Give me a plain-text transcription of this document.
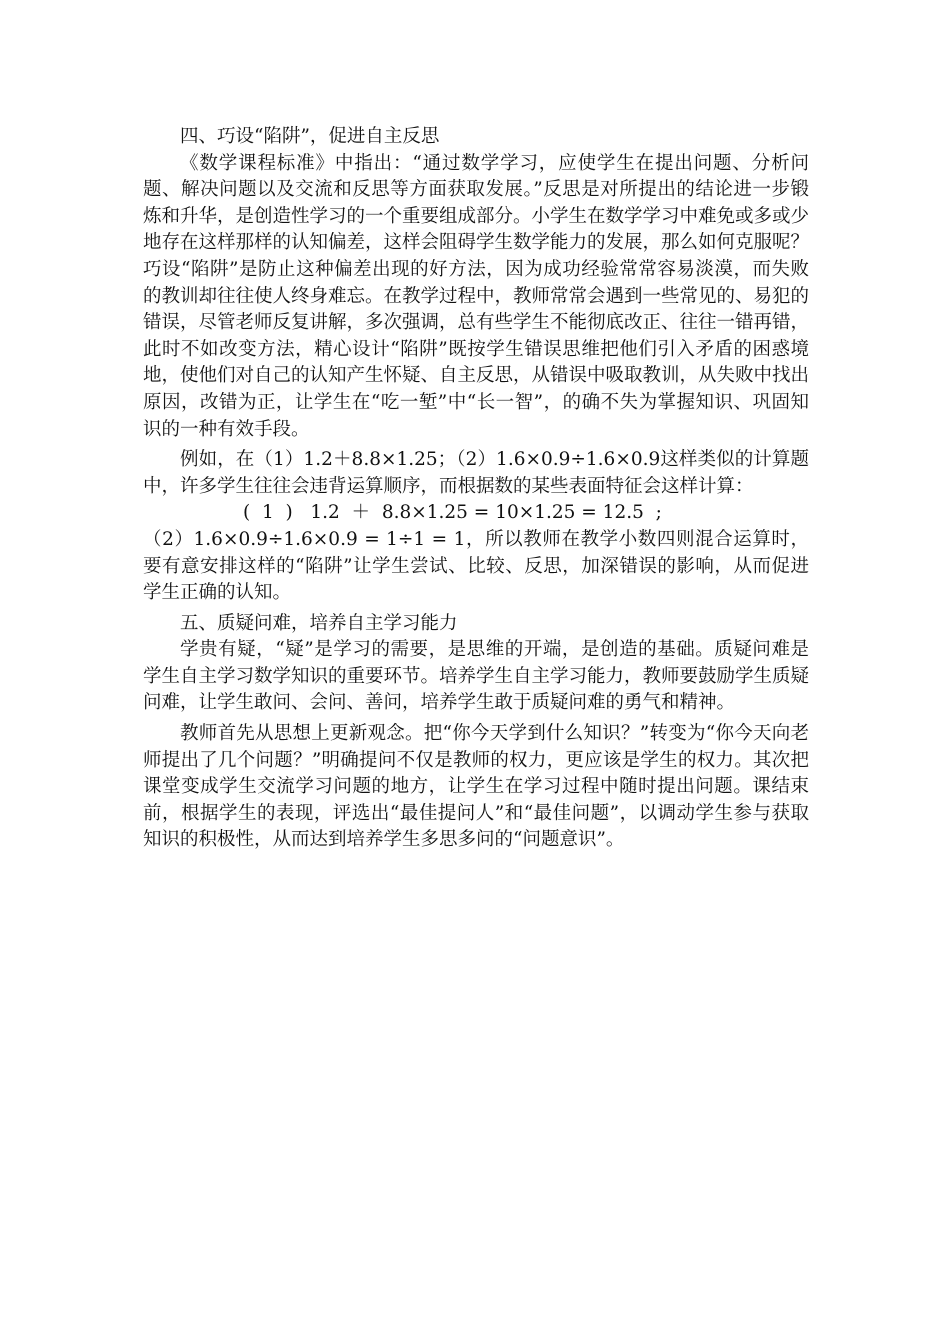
四、巧设“陷阱”，促进自主反思

《数学课程标准》中指出：“通过数学学习，应使学生在提出问题、分析问题、解决问题以及交流和反思等方面获取发展。”反思是对所提出的结论进一步锻炼和升华，是创造性学习的一个重要组成部分。小学生在数学学习中难免或多或少地存在这样那样的认知偏差，这样会阻碍学生数学能力的发展，那么如何克服呢？巧设“陷阱”是防止这种偏差出现的好方法，因为成功经验常常容易淡漠，而失败的教训却往往使人终身难忘。在教学过程中，教师常常会遇到一些常见的、易犯的错误，尽管老师反复讲解，多次强调，总有些学生不能彻底改正、往往一错再错，此时不如改变方法，精心设计“陷阱”既按学生错误思维把他们引入矛盾的困惑境地，使他们对自己的认知产生怀疑、自主反思，从错误中吸取教训，从失败中找出原因，改错为正，让学生在“吃一堑”中“长一智”，的确不失为掌握知识、巩固知识的一种有效手段。

例如，在（1）1.2＋8.8×1.25；（2）1.6×0.9÷1.6×0.9这样类似的计算题中，许多学生往往会违背运算顺序，而根据数的某些表面特征会这样计算：

(  1  )   1.2  ＋  8.8×1.25 = 10×1.25 = 12.5  ;

（2）1.6×0.9÷1.6×0.9 = 1÷1 = 1，所以教师在教学小数四则混合运算时，要有意安排这样的“陷阱”让学生尝试、比较、反思，加深错误的影响，从而促进学生正确的认知。

五、质疑问难，培养自主学习能力

学贵有疑，“疑”是学习的需要，是思维的开端，是创造的基础。质疑问难是学生自主学习数学知识的重要环节。培养学生自主学习能力，教师要鼓励学生质疑问难，让学生敢问、会问、善问，培养学生敢于质疑问难的勇气和精神。

教师首先从思想上更新观念。把“你今天学到什么知识？”转变为“你今天向老师提出了几个问题？”明确提问不仅是教师的权力，更应该是学生的权力。其次把课堂变成学生交流学习问题的地方，让学生在学习过程中随时提出问题。课结束前，根据学生的表现，评选出“最佳提问人”和“最佳问题”，以调动学生参与获取知识的积极性，从而达到培养学生多思多问的“问题意识”。
